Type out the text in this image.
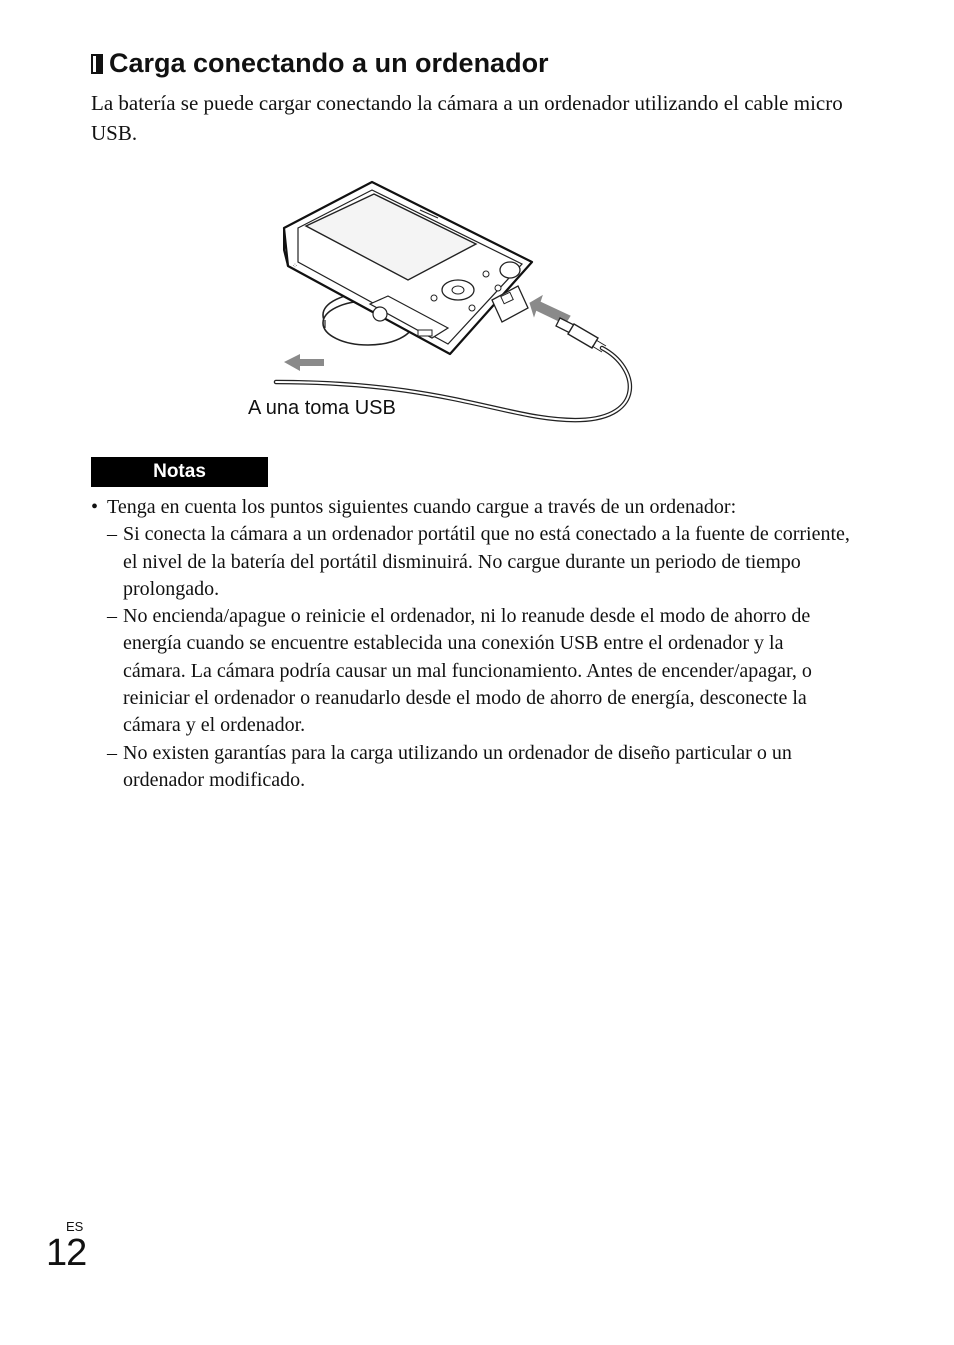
Carga conectando a un ordenador
La batería se puede cargar conectando la cámara a un ordenador utilizando el cable micro USB.
⁘
A una toma USB
Notas
• Tenga en cuenta los puntos siguientes cuando cargue a través de un ordenador:
– Si conecta la cámara a un ordenador portátil que no está conectado a la fuente de corriente, el nivel de la batería del portátil disminuirá. No cargue durante un periodo de tiempo prolongado.
– No encienda/apague o reinicie el ordenador, ni lo reanude desde el modo de ahorro de energía cuando se encuentre establecida una conexión USB entre el ordenador y la cámara. La cámara podría causar un mal funcionamiento. Antes de encender/apagar, o reiniciar el ordenador o reanudarlo desde el modo de ahorro de energía, desconecte la cámara y el ordenador.
– No existen garantías para la carga utilizando un ordenador de diseño particular o un ordenador modificado.
ES
12
